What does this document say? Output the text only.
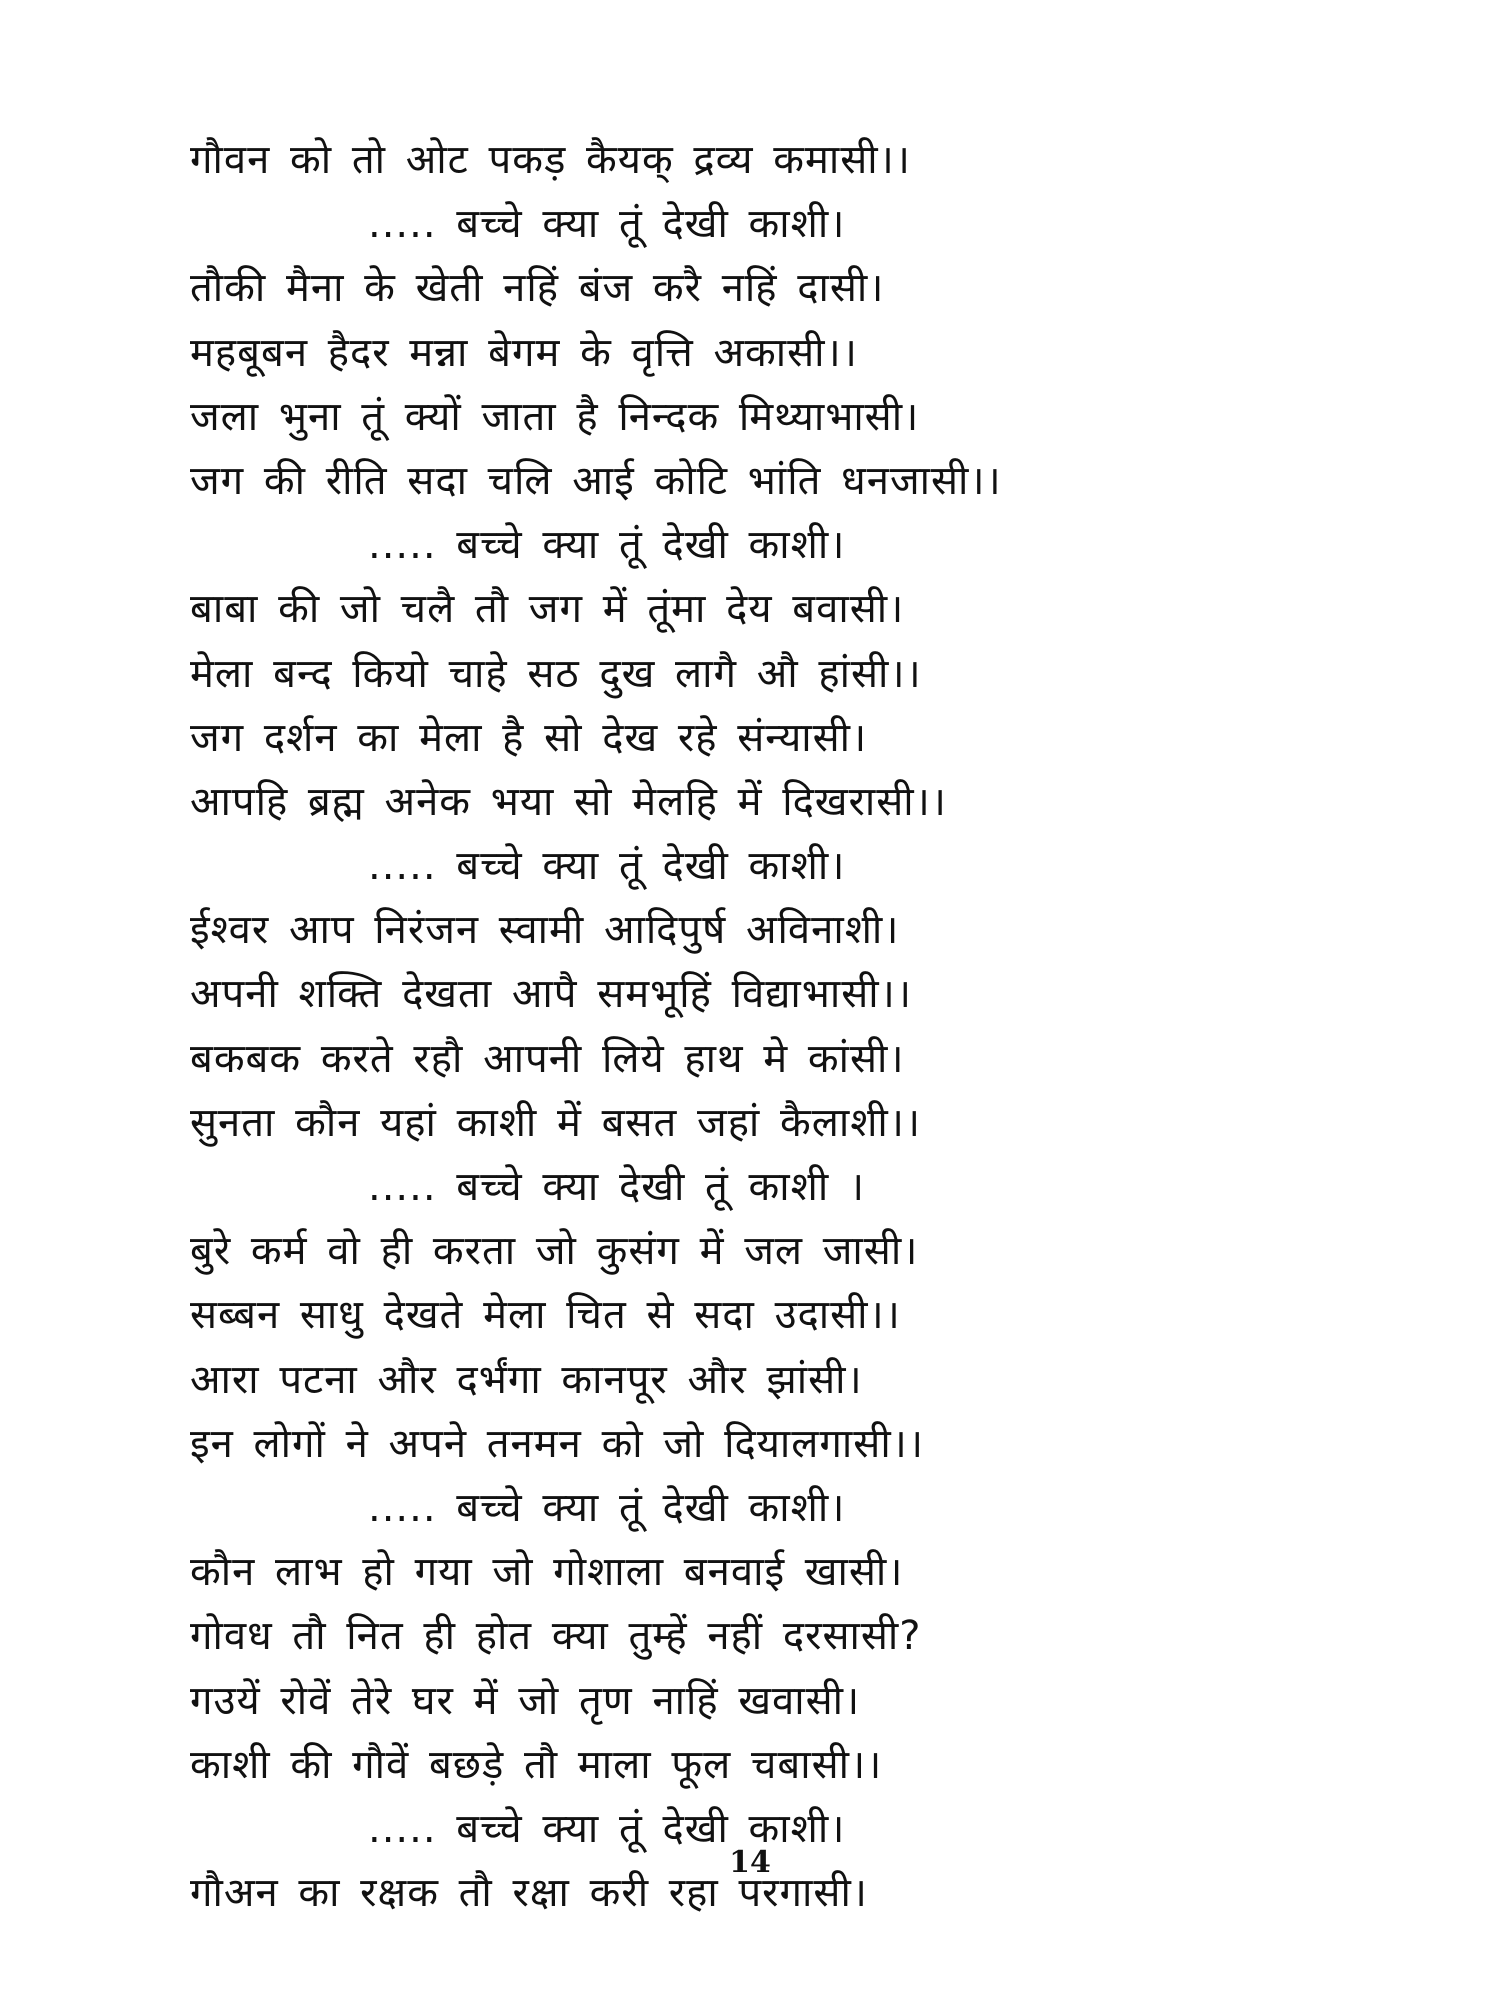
गौवन को तो ओट पकड़ कैयक् द्रव्य कमासी।।
..... बच्चे क्या तूं देखी काशी।
तौकी मैना के खेती नहिं बंज करै नहिं दासी।
महबूबन हैदर मन्ना बेगम के वृत्ति अकासी।।
जला भुना तूं क्यों जाता है निन्दक मिथ्याभासी।
जग की रीति सदा चलि आई कोटि भांति धनजासी।।
..... बच्चे क्या तूं देखी काशी।
बाबा की जो चलै तौ जग में तूंमा देय बवासी।
मेला बन्द कियो चाहे सठ दुख लागै औ हांसी।।
जग दर्शन का मेला है सो देख रहे संन्यासी।
आपहि ब्रह्म अनेक भया सो मेलहि में दिखरासी।।
..... बच्चे क्या तूं देखी काशी।
ईश्वर आप निरंजन स्वामी आदिपुर्ष अविनाशी।
अपनी शक्ति देखता आपै समभूहिं विद्याभासी।।
बकबक करते रहौ आपनी लिये हाथ मे कांसी।
सुनता कौन यहां काशी में बसत जहां कैलाशी।।
..... बच्चे क्या देखी तूं काशी ।
बुरे कर्म वो ही करता जो कुसंग में जल जासी।
सब्बन साधु देखते मेला चित से सदा उदासी।।
आरा पटना और दर्भंगा कानपूर और झांसी।
इन लोगों ने अपने तनमन को जो दियालगासी।।
..... बच्चे क्या तूं देखी काशी।
कौन लाभ हो गया जो गोशाला बनवाई खासी।
गोवध तौ नित ही होत क्या तुम्हें नहीं दरसासी?
गउयें रोवें तेरे घर में जो तृण नाहिं खवासी।
काशी की गौवें बछड़े तौ माला फूल चबासी।।
..... बच्चे क्या तूं देखी काशी।
गौअन का रक्षक तौ रक्षा करी रहा परगासी।
14
